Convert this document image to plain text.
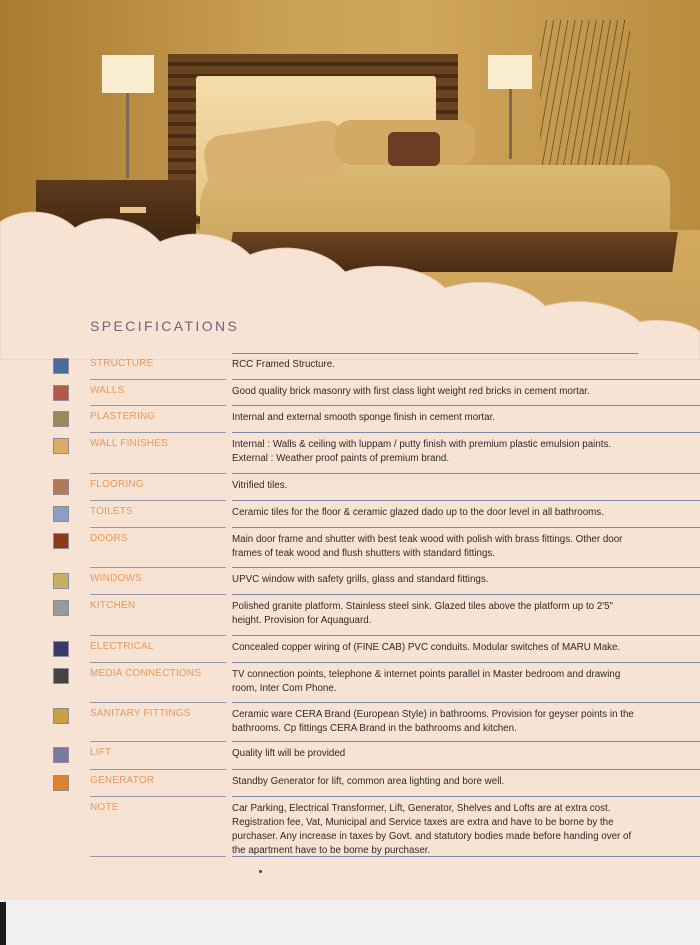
SPECIFICATIONS
STRUCTURE	RCC Framed Structure.
WALLS	Good quality brick masonry with first class light weight red bricks in cement mortar.
PLASTERING	Internal and external smooth sponge finish in cement mortar.
WALL FINISHES	Internal : Walls & ceiling with luppam / putty finish with premium plastic emulsion paints. External : Weather proof paints of premium brand.
FLOORING	Vitrified tiles.
TOILETS	Ceramic tiles for the floor & ceramic glazed dado up to the door level in all bathrooms.
DOORS	Main door frame and shutter with best teak wood with polish with brass fittings. Other door frames of teak wood and flush shutters with standard fittings.
WINDOWS	UPVC window with safety grills, glass and standard fittings.
KITCHEN	Polished granite platform. Stainless steel sink. Glazed tiles above the platform up to 2'5" height. Provision for Aquaguard.
ELECTRICAL	Concealed copper wiring of (FINE CAB) PVC conduits. Modular switches of MARU Make.
MEDIA CONNECTIONS	TV connection points, telephone & internet points parallel in Master bedroom and drawing room, Inter Com Phone.
SANITARY FITTINGS	Ceramic ware CERA Brand (European Style) in bathrooms. Provision for geyser points in the bathrooms. Cp fittings CERA Brand in the bathrooms and kitchen.
LIFT	Quality lift will be provided
GENERATOR	Standby Generator for lift, common area lighting and bore well.
NOTE	Car Parking, Electrical Transformer, Lift, Generator, Shelves and Lofts are at extra cost. Registration fee, Vat, Municipal and Service taxes are extra and have to be borne by the purchaser. Any increase in taxes by Govt. and statutory bodies made before handing over of the apartment have to be borne by purchaser.
